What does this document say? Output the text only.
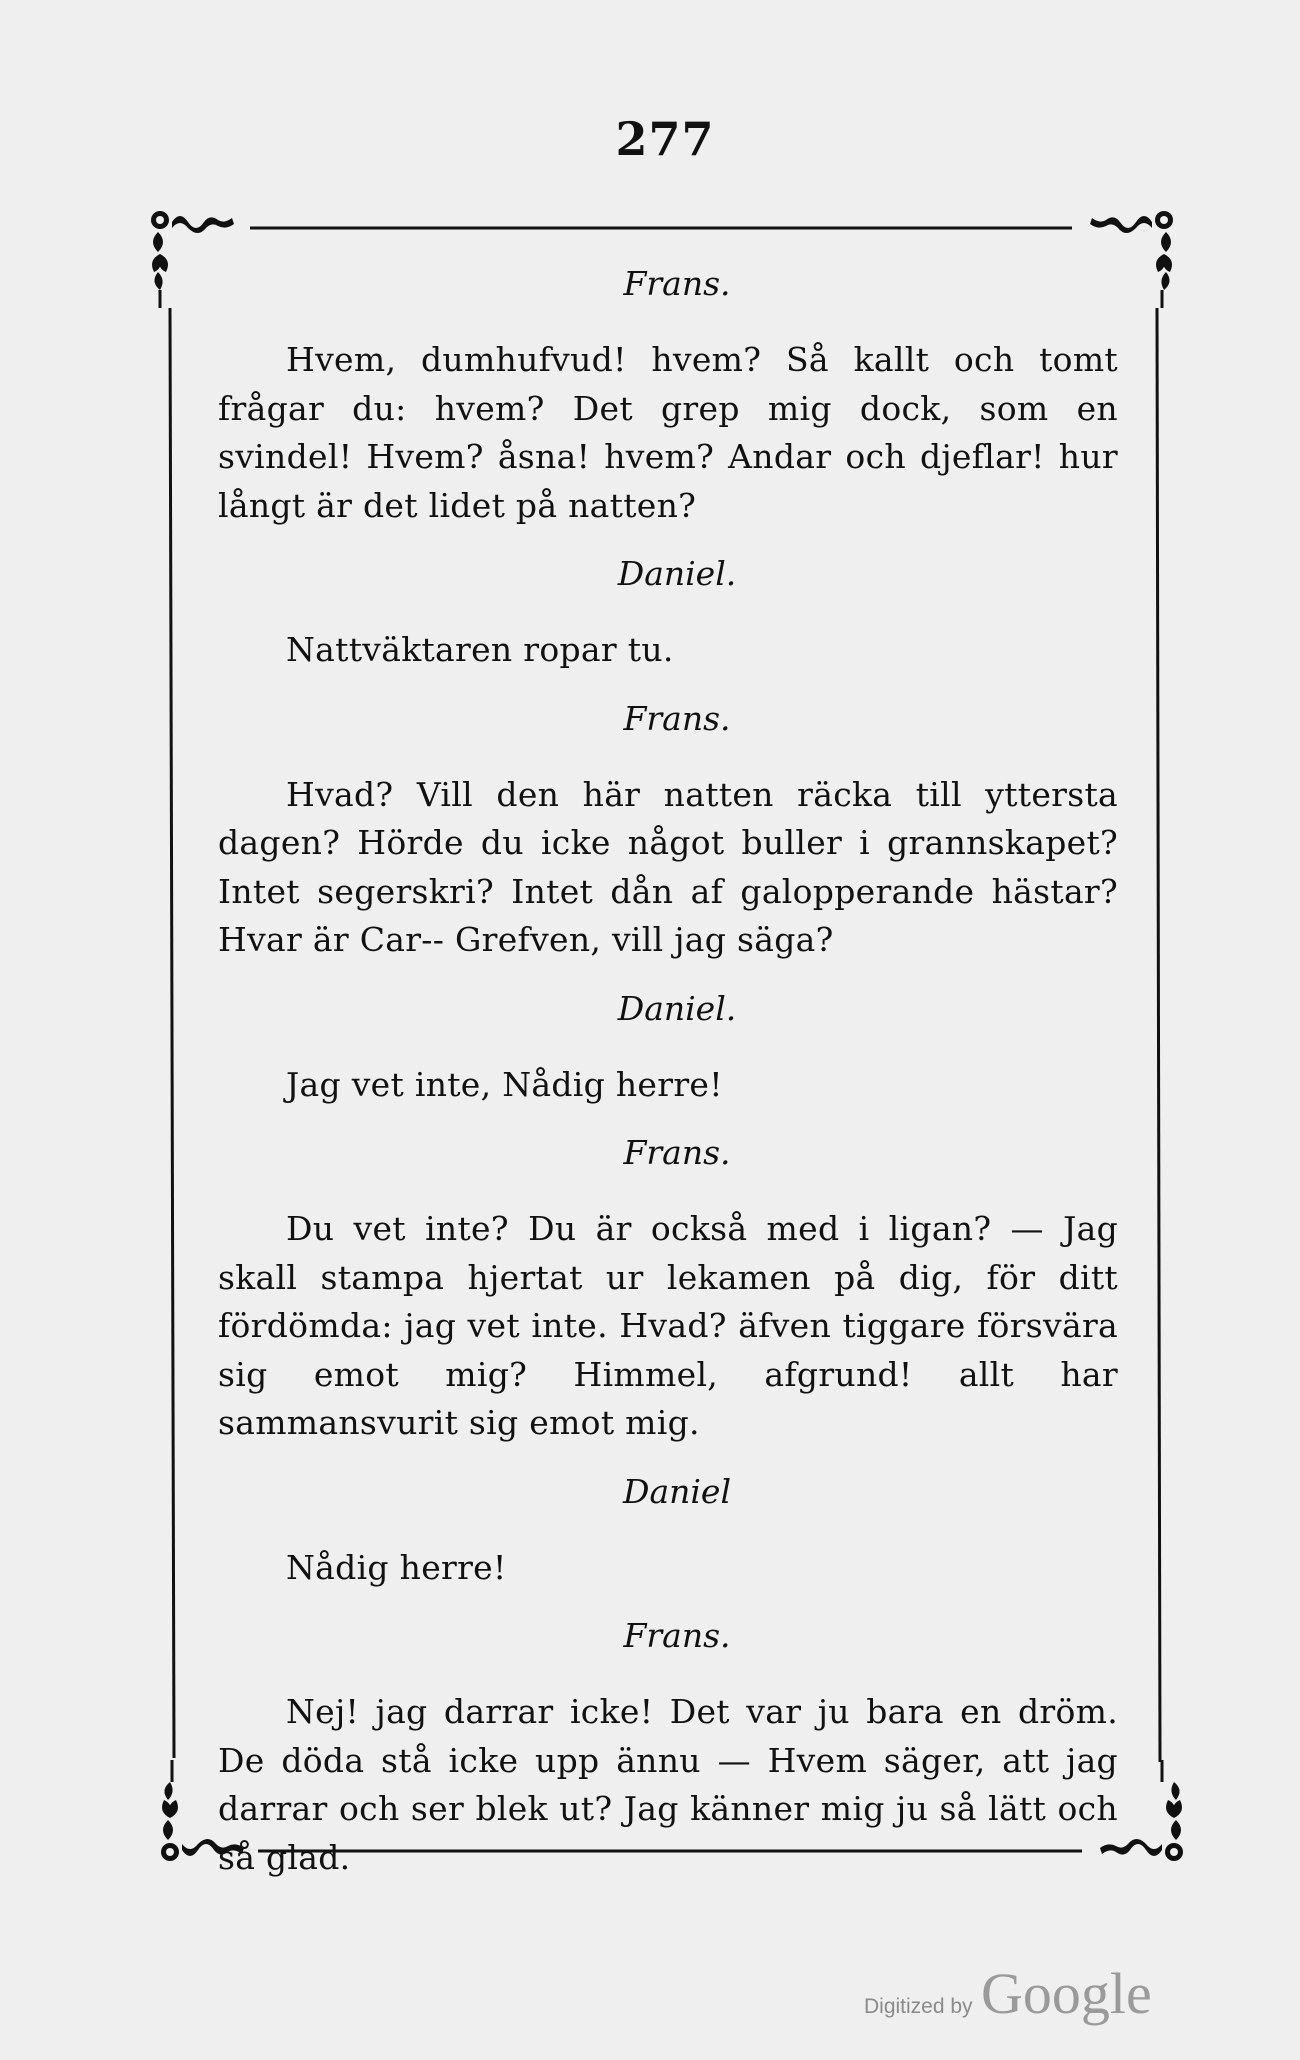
277
Frans.

Hvem, dumhufvud! hvem? Så kallt och tomt frågar du: hvem? Det grep mig dock, som en svindel! Hvem? åsna! hvem? Andar och djeflar! hur långt är det lidet på natten?

Daniel.

Nattväktaren ropar tu.

Frans.

Hvad? Vill den här natten räcka till yttersta dagen? Hörde du icke något buller i grannskapet? Intet segerskri? Intet dån af galopperande hästar? Hvar är Car-- Grefven, vill jag säga?

Daniel.

Jag vet inte, Nådig herre!

Frans.

Du vet inte? Du är också med i ligan? — Jag skall stampa hjertat ur lekamen på dig, för ditt fördömda: jag vet inte. Hvad? äfven tiggare försvära sig emot mig? Himmel, afgrund! allt har sammansvurit sig emot mig.

Daniel

Nådig herre!

Frans.

Nej! jag darrar icke! Det var ju bara en dröm. De döda stå icke upp ännu — Hvem säger, att jag darrar och ser blek ut? Jag känner mig ju så lätt och så glad.

Digitized by Google
